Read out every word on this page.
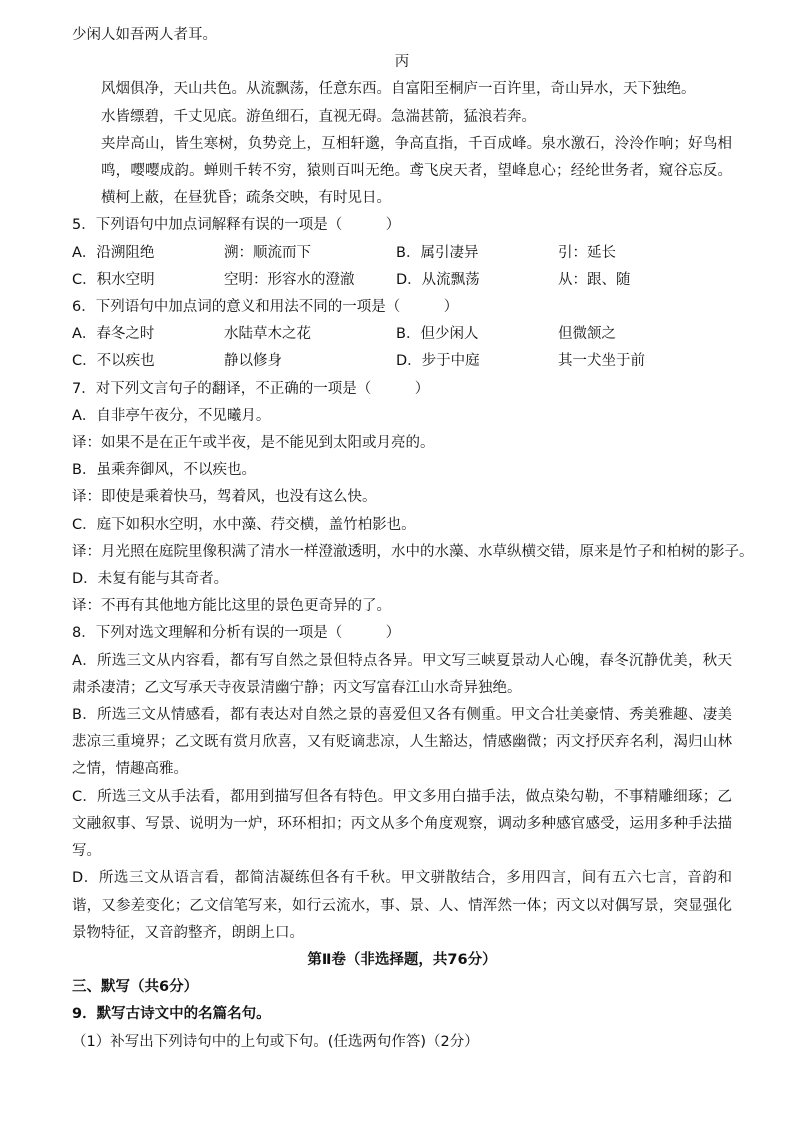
少闲人如吾两人者耳。
丙
风烟俱净，天山共色。从流飘荡，任意东西。自富阳至桐庐一百许里，奇山异水，天下独绝。
水皆缥碧，千丈见底。游鱼细石，直视无碍。急湍甚箭，猛浪若奔。
夹岸高山，皆生寒树，负势竞上，互相轩邈，争高直指，千百成峰。泉水激石，泠泠作响；好鸟相鸣，嘤嘤成韵。蝉则千转不穷，猿则百叫无绝。鸢飞戾天者，望峰息心；经纶世务者，窥谷忘反。横柯上蔽，在昼犹昏；疏条交映，有时见日。
5．下列语句中加点词解释有误的一项是（　　　）
A．沿溯阻绝	溯：顺流而下	B．属引凄异	引：延长
C．积水空明	空明：形容水的澄澈	D．从流飘荡	从：跟、随
6．下列语句中加点词的意义和用法不同的一项是（　　　）
A．春冬之时	水陆草木之花	B．但少闲人	但微颔之
C．不以疾也	静以修身	D．步于中庭	其一犬坐于前
7．对下列文言句子的翻译，不正确的一项是（　　　）
A．自非亭午夜分，不见曦月。
译：如果不是在正午或半夜，是不能见到太阳或月亮的。
B．虽乘奔御风，不以疾也。
译：即使是乘着快马，驾着风，也没有这么快。
C．庭下如积水空明，水中藻、荇交横，盖竹柏影也。
译：月光照在庭院里像积满了清水一样澄澈透明，水中的水藻、水草纵横交错，原来是竹子和柏树的影子。
D．未复有能与其奇者。
译：不再有其他地方能比这里的景色更奇异的了。
8．下列对选文理解和分析有误的一项是（　　　）
A．所选三文从内容看，都有写自然之景但特点各异。甲文写三峡夏景动人心魄，春冬沉静优美，秋天肃杀凄清；乙文写承天寺夜景清幽宁静；丙文写富春江山水奇异独绝。
B．所选三文从情感看，都有表达对自然之景的喜爱但又各有侧重。甲文合壮美豪情、秀美雅趣、凄美悲凉三重境界；乙文既有赏月欣喜，又有贬谪悲凉，人生豁达，情感幽微；丙文抒厌弃名利，渴归山林之情，情趣高雅。
C．所选三文从手法看，都用到描写但各有特色。甲文多用白描手法，做点染勾勒，不事精雕细琢；乙文融叙事、写景、说明为一炉，环环相扣；丙文从多个角度观察，调动多种感官感受，运用多种手法描写。
D．所选三文从语言看，都简洁凝练但各有千秋。甲文骈散结合，多用四言，间有五六七言，音韵和谐，又参差变化；乙文信笔写来，如行云流水，事、景、人、情浑然一体；丙文以对偶写景，突显强化景物特征，又音韵整齐，朗朗上口。
第Ⅱ卷（非选择题，共76分）
三、默写（共6分）
9．默写古诗文中的名篇名句。
（1）补写出下列诗句中的上句或下句。(任选两句作答)（2分）
